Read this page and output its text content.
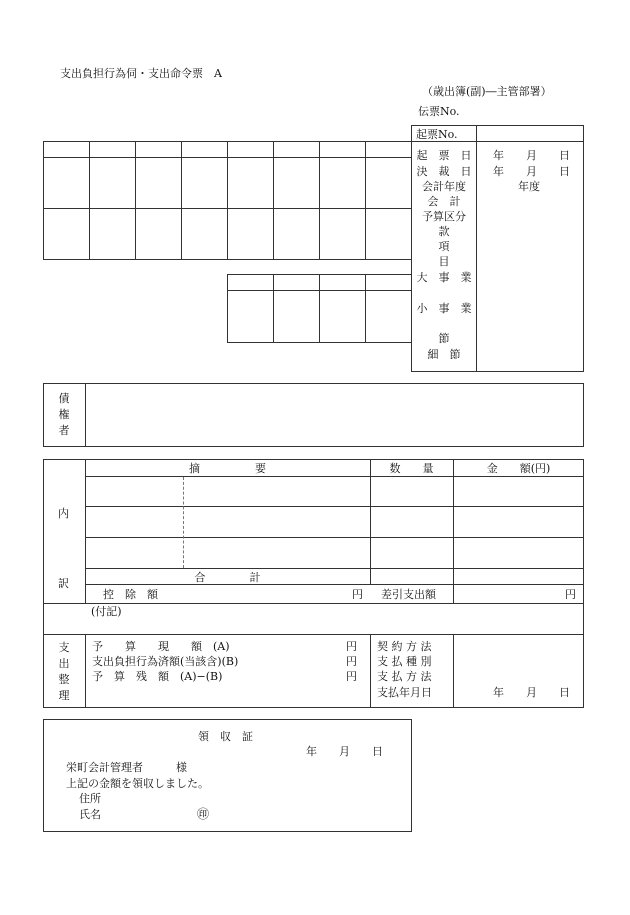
支出負担行為伺・支出命令票　A
（歳出簿(副)―主管部署）
伝票No.
起票No.
起　票　日	年　　月　　日
決　裁　日	年　　月　　日
会計年度	年度
会　計
予算区分
款
項
目
大　事　業
小　事　業
節
細　節
債権者
内
訳
摘　　　　　要	数　　量	金　　額(円)
合　　　　計
控　除　額	円 差引支出額	円
(付記)
支出整理
予　　算　　現　　額　(A)	円
支出負担行為済額(当該含)(B)	円
予　算　残　額　(A)−(B)	円
契 約 方 法
支 払 種 別
支 払 方 法
支払年月日	年　　月　　日
領　収　証
年　　月　　日
栄町会計管理者　　　様
上記の金額を領収しました。
住所
氏名	㊞
